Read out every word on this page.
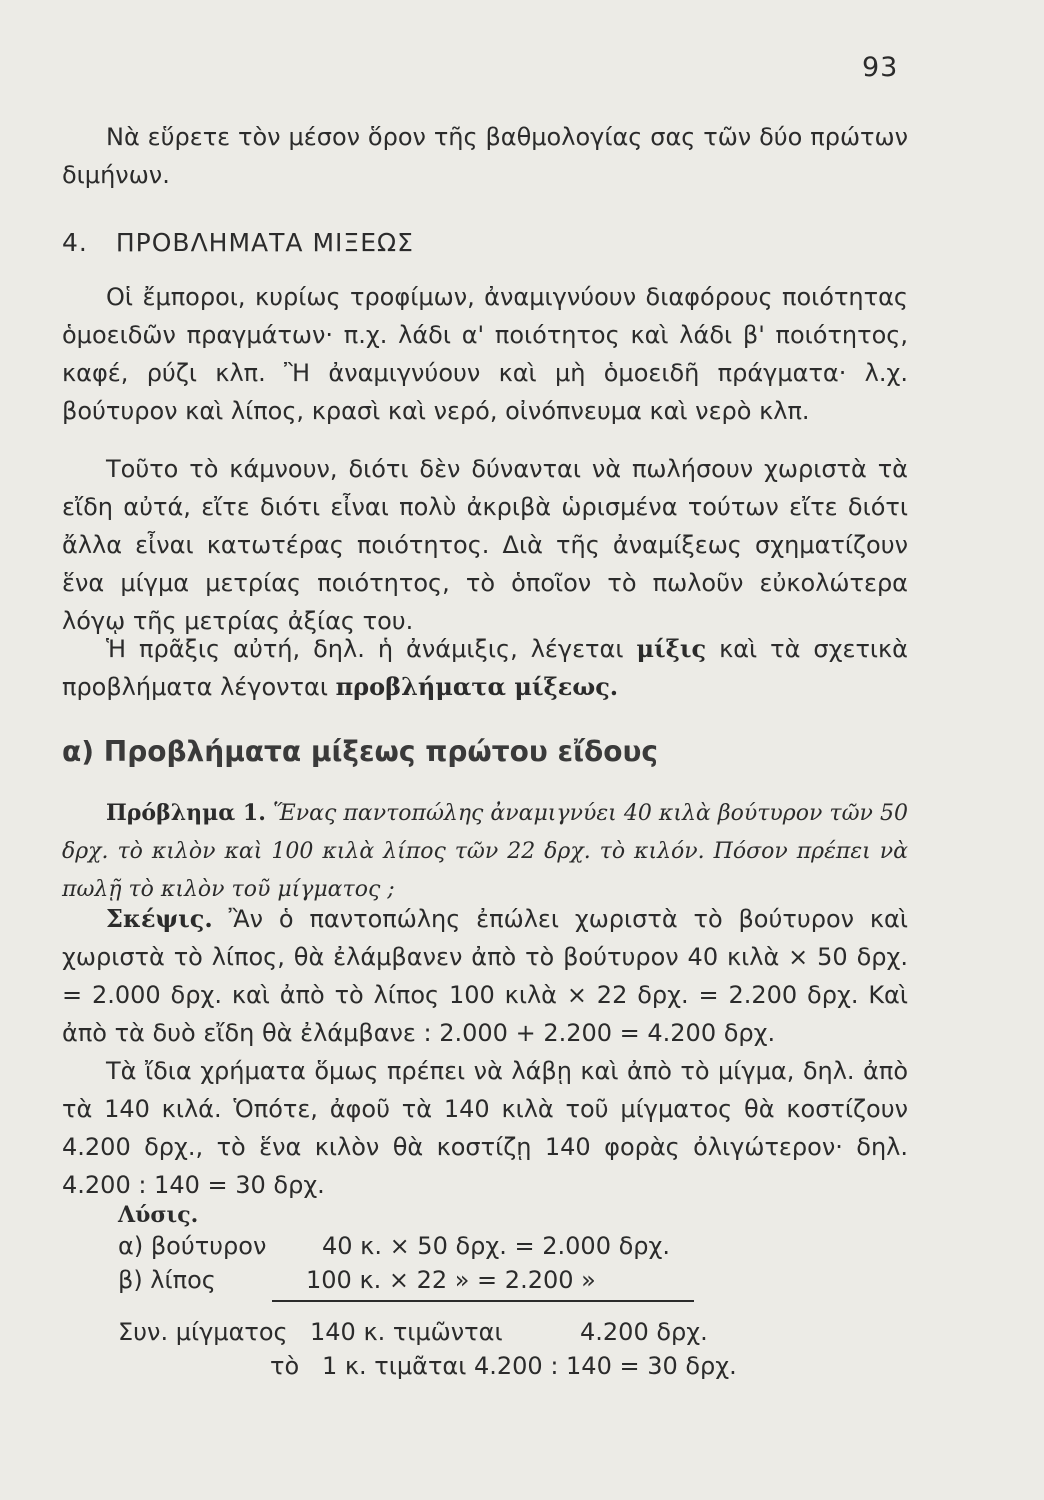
93

Νὰ εὕρετε τὸν μέσον ὅρον τῆς βαθμολογίας σας τῶν δύο πρώτων διμήνων.

4. ΠΡΟΒΛΗΜΑΤΑ ΜΙΞΕΩΣ

Οἱ ἔμποροι, κυρίως τροφίμων, ἀναμιγνύουν διαφόρους ποιότητας ὁμοειδῶν πραγμάτων· π.χ. λάδι α' ποιότητος καὶ λάδι β' ποιότητος, καφέ, ρύζι κλπ. Ἢ ἀναμιγνύουν καὶ μὴ ὁμοειδῆ πράγματα· λ.χ. βούτυρον καὶ λίπος, κρασὶ καὶ νερό, οἰνόπνευμα καὶ νερὸ κλπ.

Τοῦτο τὸ κάμνουν, διότι δὲν δύνανται νὰ πωλήσουν χωριστὰ τὰ εἴδη αὐτά, εἴτε διότι εἶναι πολὺ ἀκριβὰ ὡρισμένα τούτων εἴτε διότι ἄλλα εἶναι κατωτέρας ποιότητος. Διὰ τῆς ἀναμίξεως σχηματίζουν ἕνα μίγμα μετρίας ποιότητος, τὸ ὁποῖον τὸ πωλοῦν εὐκολώτερα λόγῳ τῆς μετρίας ἀξίας του.

Ἡ πρᾶξις αὐτή, δηλ. ἡ ἀνάμιξις, λέγεται μίξις καὶ τὰ σχετικὰ προβλήματα λέγονται προβλήματα μίξεως.

α) Προβλήματα μίξεως πρώτου εἴδους

Πρόβλημα 1. Ἕνας παντοπώλης ἀναμιγνύει 40 κιλὰ βούτυρον τῶν 50 δρχ. τὸ κιλὸν καὶ 100 κιλὰ λίπος τῶν 22 δρχ. τὸ κιλόν. Πόσον πρέπει νὰ πωλῇ τὸ κιλὸν τοῦ μίγματος ;

Σκέψις. Ἂν ὁ παντοπώλης ἐπώλει χωριστὰ τὸ βούτυρον καὶ χωριστὰ τὸ λίπος, θὰ ἐλάμβανεν ἀπὸ τὸ βούτυρον 40 κιλὰ × 50 δρχ. = 2.000 δρχ. καὶ ἀπὸ τὸ λίπος 100 κιλὰ × 22 δρχ. = 2.200 δρχ. Καὶ ἀπὸ τὰ δυὸ εἴδη θὰ ἐλάμβανε : 2.000 + 2.200 = 4.200 δρχ.

Τὰ ἴδια χρήματα ὅμως πρέπει νὰ λάβῃ καὶ ἀπὸ τὸ μίγμα, δηλ. ἀπὸ τὰ 140 κιλά. Ὁπότε, ἀφοῦ τὰ 140 κιλὰ τοῦ μίγματος θὰ κοστίζουν 4.200 δρχ., τὸ ἕνα κιλὸν θὰ κοστίζῃ 140 φορὰς ὀλιγώτερον· δηλ. 4.200 : 140 = 30 δρχ.

Λύσις.
α) βούτυρον 40 κ. × 50 δρχ. = 2.000 δρχ.
β) λίπος	100 κ. × 22 » = 2.200 »
Συν. μίγματος 140 κ. τιμῶνται	4.200 δρχ.
τὸ 1 κ. τιμᾶται 4.200 : 140 = 30 δρχ.
